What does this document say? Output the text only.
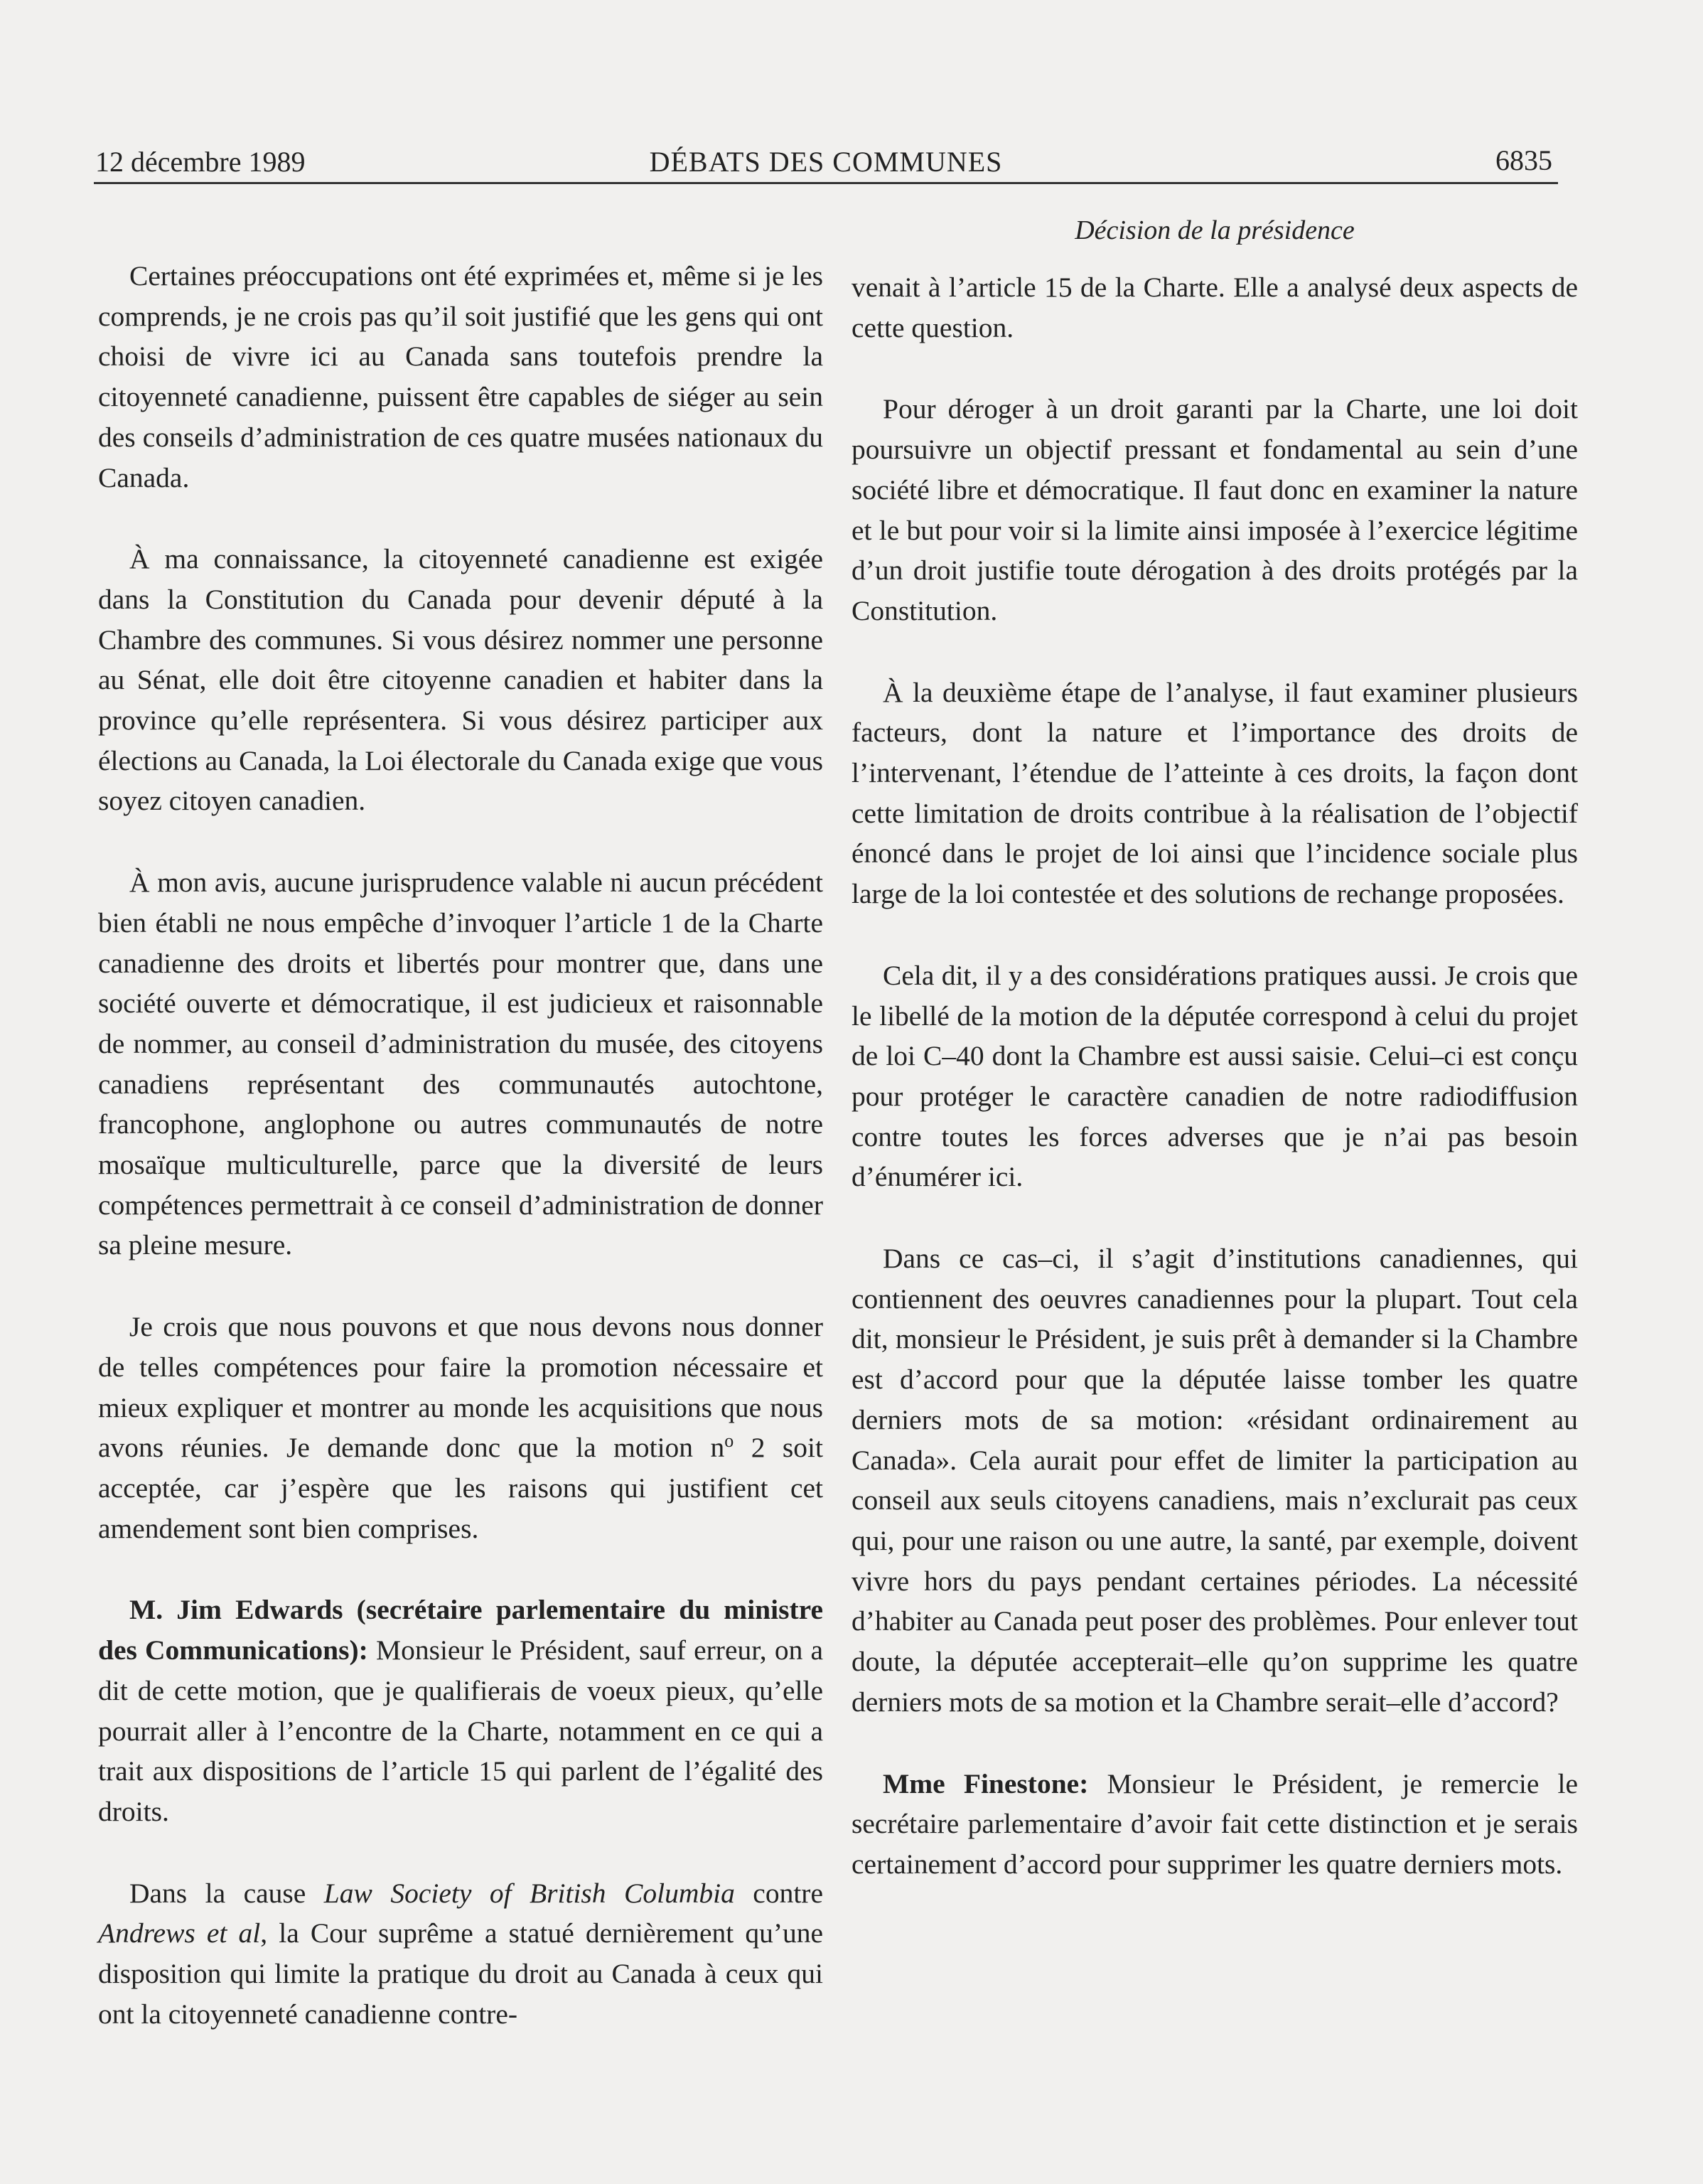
12 décembre 1989	DÉBATS DES COMMUNES	6835
Décision de la présidence

Certaines préoccupations ont été exprimées et, même si je les comprends, je ne crois pas qu’il soit justifié que les gens qui ont choisi de vivre ici au Canada sans toutefois prendre la citoyenneté canadienne, puissent être capables de siéger au sein des conseils d’administration de ces quatre musées nationaux du Canada.

À ma connaissance, la citoyenneté canadienne est exigée dans la Constitution du Canada pour devenir député à la Chambre des communes. Si vous désirez nommer une personne au Sénat, elle doit être citoyenne canadien et habiter dans la province qu’elle représentera. Si vous désirez participer aux élections au Canada, la Loi électorale du Canada exige que vous soyez citoyen canadien.

À mon avis, aucune jurisprudence valable ni aucun précédent bien établi ne nous empêche d’invoquer l’article 1 de la Charte canadienne des droits et libertés pour montrer que, dans une société ouverte et démocratique, il est judicieux et raisonnable de nommer, au conseil d’administration du musée, des citoyens canadiens représentant des communautés autochtone, francophone, anglophone ou autres communautés de notre mosaïque multiculturelle, parce que la diversité de leurs compétences permettrait à ce conseil d’administration de donner sa pleine mesure.

Je crois que nous pouvons et que nous devons nous donner de telles compétences pour faire la promotion nécessaire et mieux expliquer et montrer au monde les acquisitions que nous avons réunies. Je demande donc que la motion $n^o$ 2 soit acceptée, car j’espère que les raisons qui justifient cet amendement sont bien comprises.

M. Jim Edwards (secrétaire parlementaire du ministre des Communications): Monsieur le Président, sauf erreur, on a dit de cette motion, que je qualifierais de voeux pieux, qu’elle pourrait aller à l’encontre de la Charte, notamment en ce qui a trait aux dispositions de l’article 15 qui parlent de l’égalité des droits.

Dans la cause Law Society of British Columbia contre Andrews et al, la Cour suprême a statué dernièrement qu’une disposition qui limite la pratique du droit au Canada à ceux qui ont la citoyenneté canadienne contre-

venait à l’article 15 de la Charte. Elle a analysé deux aspects de cette question.

Pour déroger à un droit garanti par la Charte, une loi doit poursuivre un objectif pressant et fondamental au sein d’une société libre et démocratique. Il faut donc en examiner la nature et le but pour voir si la limite ainsi imposée à l’exercice légitime d’un droit justifie toute dérogation à des droits protégés par la Constitution.

À la deuxième étape de l’analyse, il faut examiner plusieurs facteurs, dont la nature et l’importance des droits de l’intervenant, l’étendue de l’atteinte à ces droits, la façon dont cette limitation de droits contribue à la réalisation de l’objectif énoncé dans le projet de loi ainsi que l’incidence sociale plus large de la loi contestée et des solutions de rechange proposées.

Cela dit, il y a des considérations pratiques aussi. Je crois que le libellé de la motion de la députée correspond à celui du projet de loi C–40 dont la Chambre est aussi saisie. Celui–ci est conçu pour protéger le caractère canadien de notre radiodiffusion contre toutes les forces adverses que je n’ai pas besoin d’énumérer ici.

Dans ce cas–ci, il s’agit d’institutions canadiennes, qui contiennent des oeuvres canadiennes pour la plupart. Tout cela dit, monsieur le Président, je suis prêt à demander si la Chambre est d’accord pour que la députée laisse tomber les quatre derniers mots de sa motion: «résidant ordinairement au Canada». Cela aurait pour effet de limiter la participation au conseil aux seuls citoyens canadiens, mais n’exclurait pas ceux qui, pour une raison ou une autre, la santé, par exemple, doivent vivre hors du pays pendant certaines périodes. La nécessité d’habiter au Canada peut poser des problèmes. Pour enlever tout doute, la députée accepterait–elle qu’on supprime les quatre derniers mots de sa motion et la Chambre serait–elle d’accord?

Mme Finestone: Monsieur le Président, je remercie le secrétaire parlementaire d’avoir fait cette distinction et je serais certainement d’accord pour supprimer les quatre derniers mots.
